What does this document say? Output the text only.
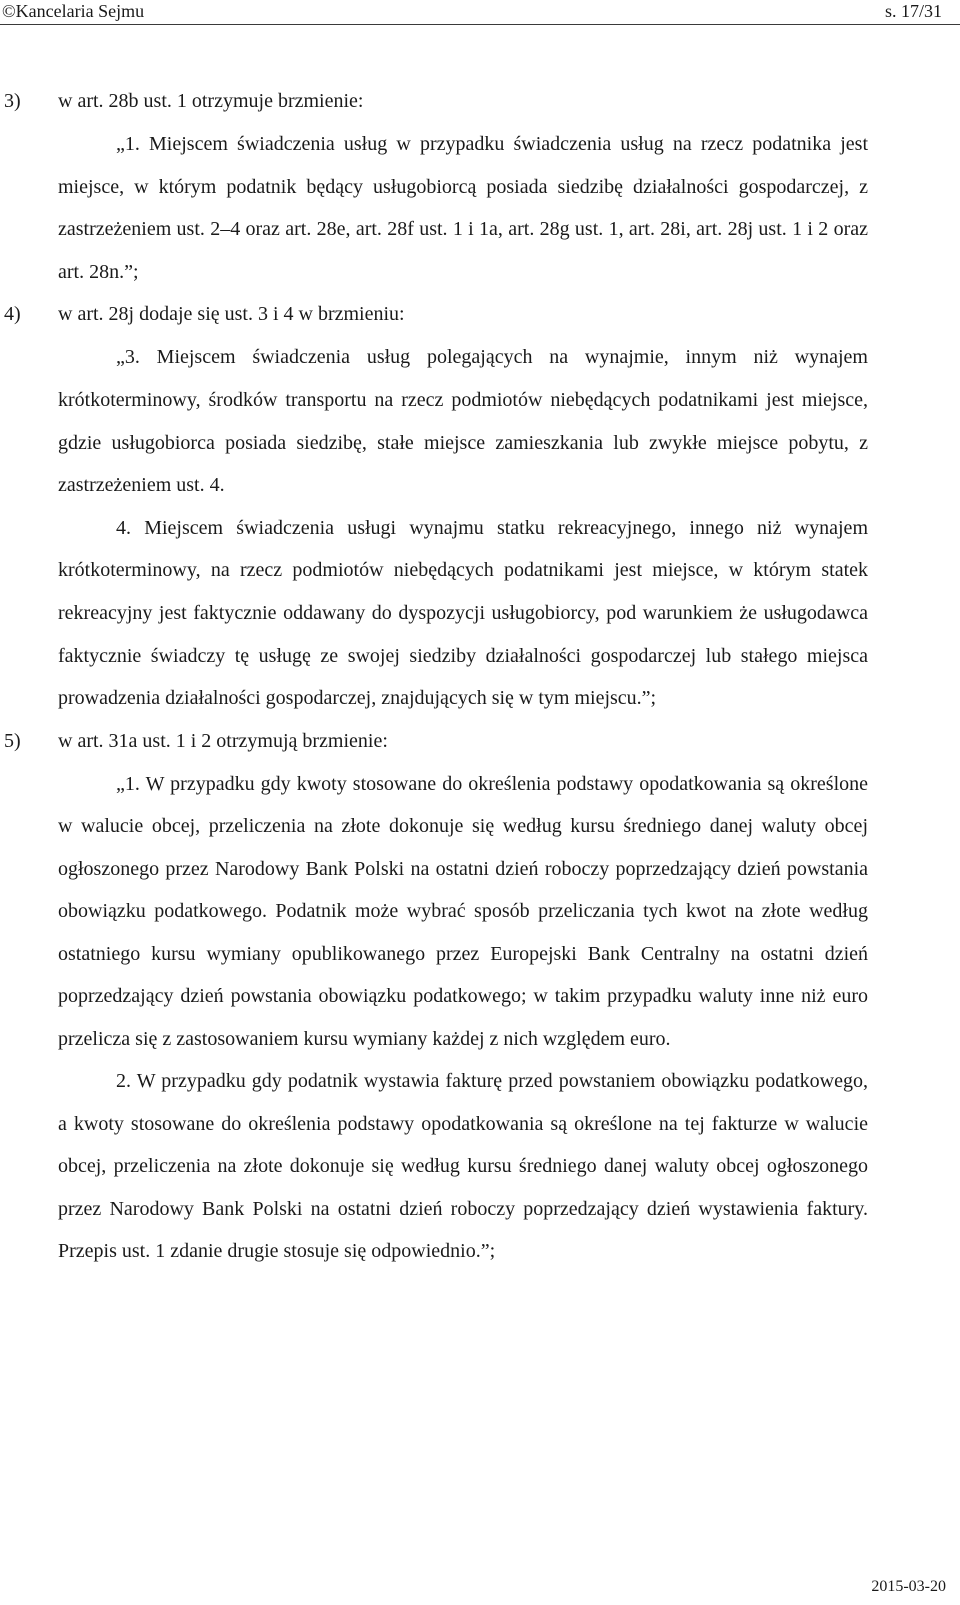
©Kancelaria Sejmu	s. 17/31
3) w art. 28b ust. 1 otrzymuje brzmienie:
„1. Miejscem świadczenia usług w przypadku świadczenia usług na rzecz podatnika jest miejsce, w którym podatnik będący usługobiorcą posiada siedzibę działalności gospodarczej, z zastrzeżeniem ust. 2–4 oraz art. 28e, art. 28f ust. 1 i 1a, art. 28g ust. 1, art. 28i, art. 28j ust. 1 i 2 oraz art. 28n.”;
4) w art. 28j dodaje się ust. 3 i 4 w brzmieniu:
„3. Miejscem świadczenia usług polegających na wynajmie, innym niż wynajem krótkoterminowy, środków transportu na rzecz podmiotów niebędących podatnikami jest miejsce, gdzie usługobiorca posiada siedzibę, stałe miejsce zamieszkania lub zwykłe miejsce pobytu, z zastrzeżeniem ust. 4.
4. Miejscem świadczenia usługi wynajmu statku rekreacyjnego, innego niż wynajem krótkoterminowy, na rzecz podmiotów niebędących podatnikami jest miejsce, w którym statek rekreacyjny jest faktycznie oddawany do dyspozycji usługobiorcy, pod warunkiem że usługodawca faktycznie świadczy tę usługę ze swojej siedziby działalności gospodarczej lub stałego miejsca prowadzenia działalności gospodarczej, znajdujących się w tym miejscu.”;
5) w art. 31a ust. 1 i 2 otrzymują brzmienie:
„1. W przypadku gdy kwoty stosowane do określenia podstawy opodatkowania są określone w walucie obcej, przeliczenia na złote dokonuje się według kursu średniego danej waluty obcej ogłoszonego przez Narodowy Bank Polski na ostatni dzień roboczy poprzedzający dzień powstania obowiązku podatkowego. Podatnik może wybrać sposób przeliczania tych kwot na złote według ostatniego kursu wymiany opublikowanego przez Europejski Bank Centralny na ostatni dzień poprzedzający dzień powstania obowiązku podatkowego; w takim przypadku waluty inne niż euro przelicza się z zastosowaniem kursu wymiany każdej z nich względem euro.
2. W przypadku gdy podatnik wystawia fakturę przed powstaniem obowiązku podatkowego, a kwoty stosowane do określenia podstawy opodatkowania są określone na tej fakturze w walucie obcej, przeliczenia na złote dokonuje się według kursu średniego danej waluty obcej ogłoszonego przez Narodowy Bank Polski na ostatni dzień roboczy poprzedzający dzień wystawienia faktury. Przepis ust. 1 zdanie drugie stosuje się odpowiednio.”;
2015-03-20
